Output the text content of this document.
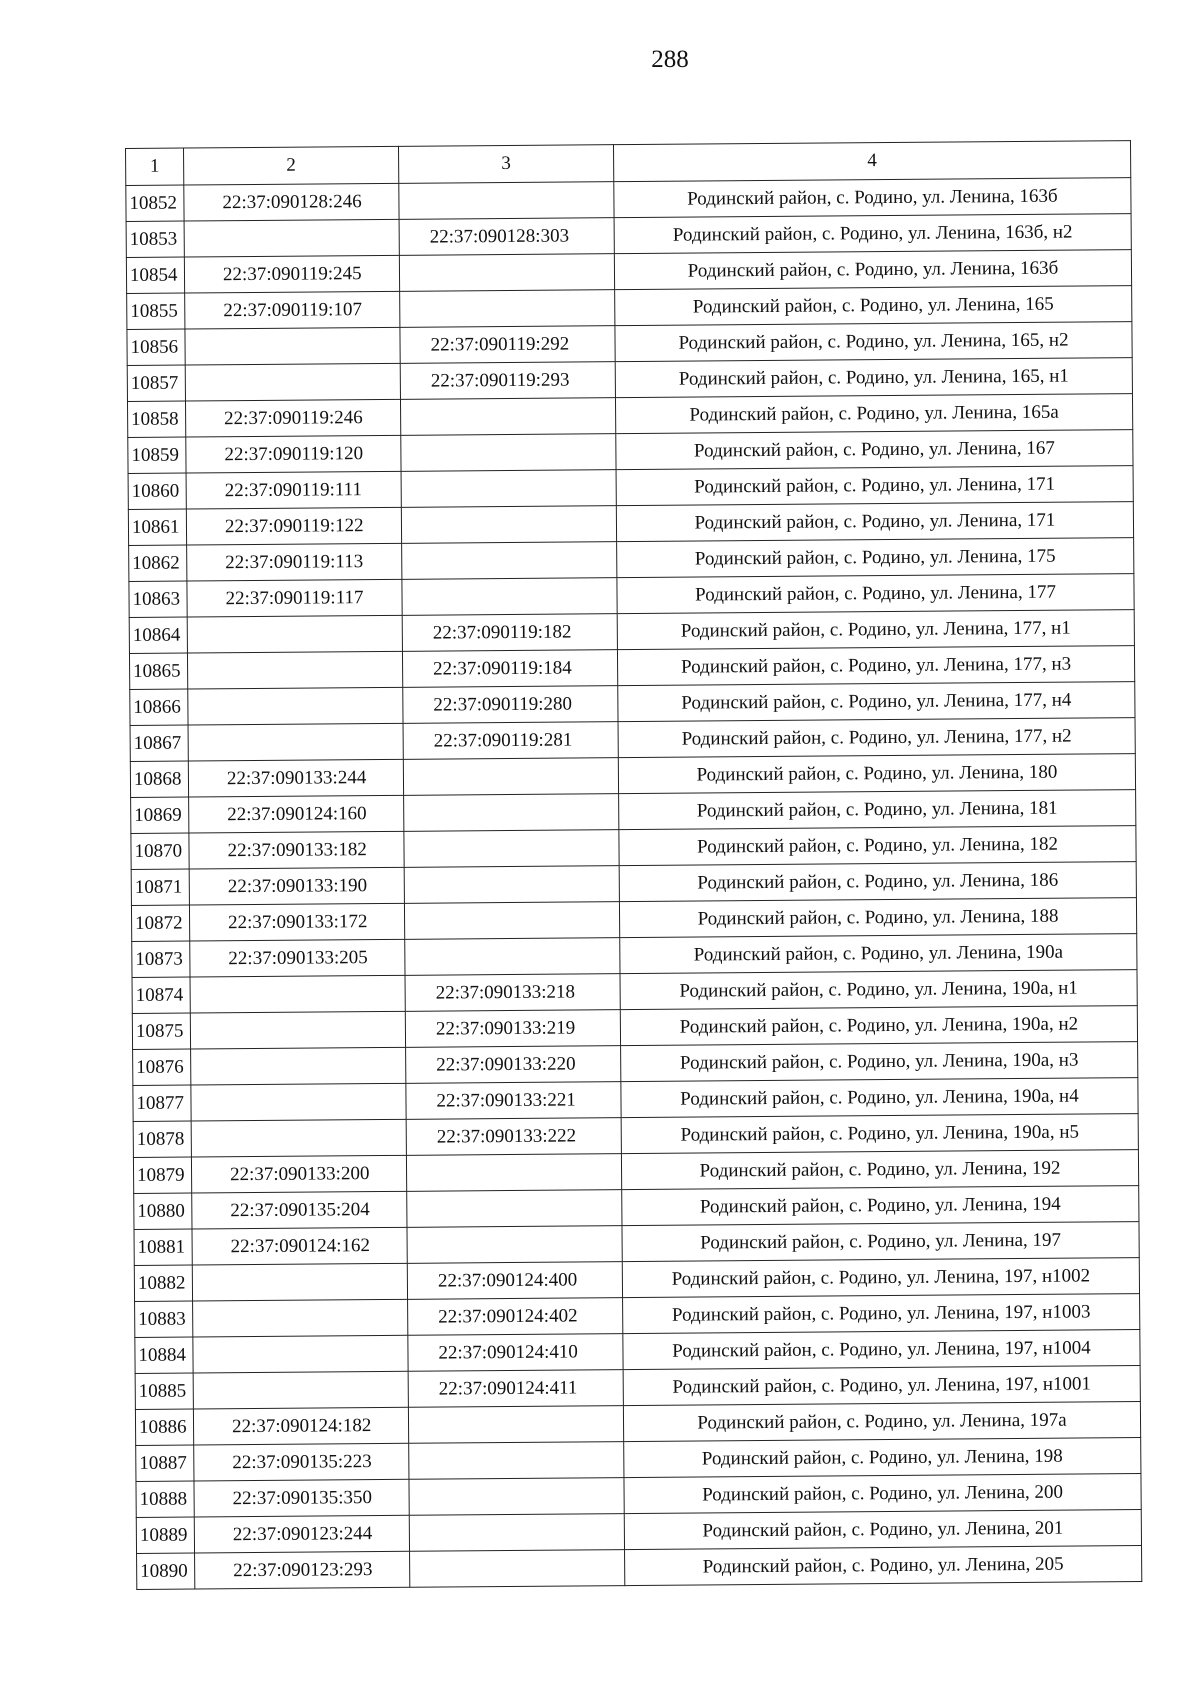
288
1	2	3	4
10852	22:37:090128:246		Родинский район, с. Родино, ул. Ленина, 163б
10853		22:37:090128:303	Родинский район, с. Родино, ул. Ленина, 163б, н2
10854	22:37:090119:245		Родинский район, с. Родино, ул. Ленина, 163б
10855	22:37:090119:107		Родинский район, с. Родино, ул. Ленина, 165
10856		22:37:090119:292	Родинский район, с. Родино, ул. Ленина, 165, н2
10857		22:37:090119:293	Родинский район, с. Родино, ул. Ленина, 165, н1
10858	22:37:090119:246		Родинский район, с. Родино, ул. Ленина, 165а
10859	22:37:090119:120		Родинский район, с. Родино, ул. Ленина, 167
10860	22:37:090119:111		Родинский район, с. Родино, ул. Ленина, 171
10861	22:37:090119:122		Родинский район, с. Родино, ул. Ленина, 171
10862	22:37:090119:113		Родинский район, с. Родино, ул. Ленина, 175
10863	22:37:090119:117		Родинский район, с. Родино, ул. Ленина, 177
10864		22:37:090119:182	Родинский район, с. Родино, ул. Ленина, 177, н1
10865		22:37:090119:184	Родинский район, с. Родино, ул. Ленина, 177, н3
10866		22:37:090119:280	Родинский район, с. Родино, ул. Ленина, 177, н4
10867		22:37:090119:281	Родинский район, с. Родино, ул. Ленина, 177, н2
10868	22:37:090133:244		Родинский район, с. Родино, ул. Ленина, 180
10869	22:37:090124:160		Родинский район, с. Родино, ул. Ленина, 181
10870	22:37:090133:182		Родинский район, с. Родино, ул. Ленина, 182
10871	22:37:090133:190		Родинский район, с. Родино, ул. Ленина, 186
10872	22:37:090133:172		Родинский район, с. Родино, ул. Ленина, 188
10873	22:37:090133:205		Родинский район, с. Родино, ул. Ленина, 190а
10874		22:37:090133:218	Родинский район, с. Родино, ул. Ленина, 190а, н1
10875		22:37:090133:219	Родинский район, с. Родино, ул. Ленина, 190а, н2
10876		22:37:090133:220	Родинский район, с. Родино, ул. Ленина, 190а, н3
10877		22:37:090133:221	Родинский район, с. Родино, ул. Ленина, 190а, н4
10878		22:37:090133:222	Родинский район, с. Родино, ул. Ленина, 190а, н5
10879	22:37:090133:200		Родинский район, с. Родино, ул. Ленина, 192
10880	22:37:090135:204		Родинский район, с. Родино, ул. Ленина, 194
10881	22:37:090124:162		Родинский район, с. Родино, ул. Ленина, 197
10882		22:37:090124:400	Родинский район, с. Родино, ул. Ленина, 197, н1002
10883		22:37:090124:402	Родинский район, с. Родино, ул. Ленина, 197, н1003
10884		22:37:090124:410	Родинский район, с. Родино, ул. Ленина, 197, н1004
10885		22:37:090124:411	Родинский район, с. Родино, ул. Ленина, 197, н1001
10886	22:37:090124:182		Родинский район, с. Родино, ул. Ленина, 197а
10887	22:37:090135:223		Родинский район, с. Родино, ул. Ленина, 198
10888	22:37:090135:350		Родинский район, с. Родино, ул. Ленина, 200
10889	22:37:090123:244		Родинский район, с. Родино, ул. Ленина, 201
10890	22:37:090123:293		Родинский район, с. Родино, ул. Ленина, 205
